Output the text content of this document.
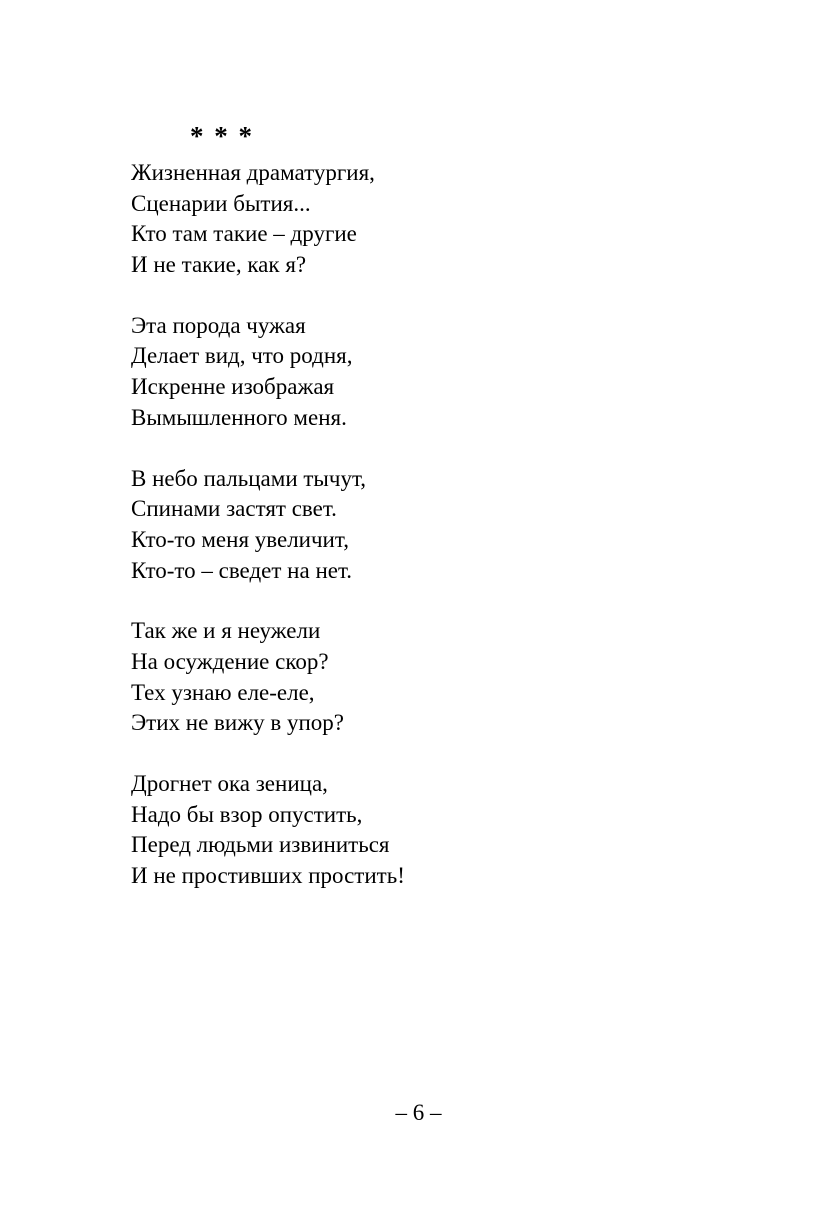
* * *
Жизненная драматургия,
Сценарии бытия...
Кто там такие – другие
И не такие, как я?
Эта порода чужая
Делает вид, что родня,
Искренне изображая
Вымышленного меня.
В небо пальцами тычут,
Спинами застят свет.
Кто-то меня увеличит,
Кто-то – сведет на нет.
Так же и я неужели
На осуждение скор?
Тех узнаю еле-еле,
Этих не вижу в упор?
Дрогнет ока зеница,
Надо бы взор опустить,
Перед людьми извиниться
И не простивших простить!
– 6 –
